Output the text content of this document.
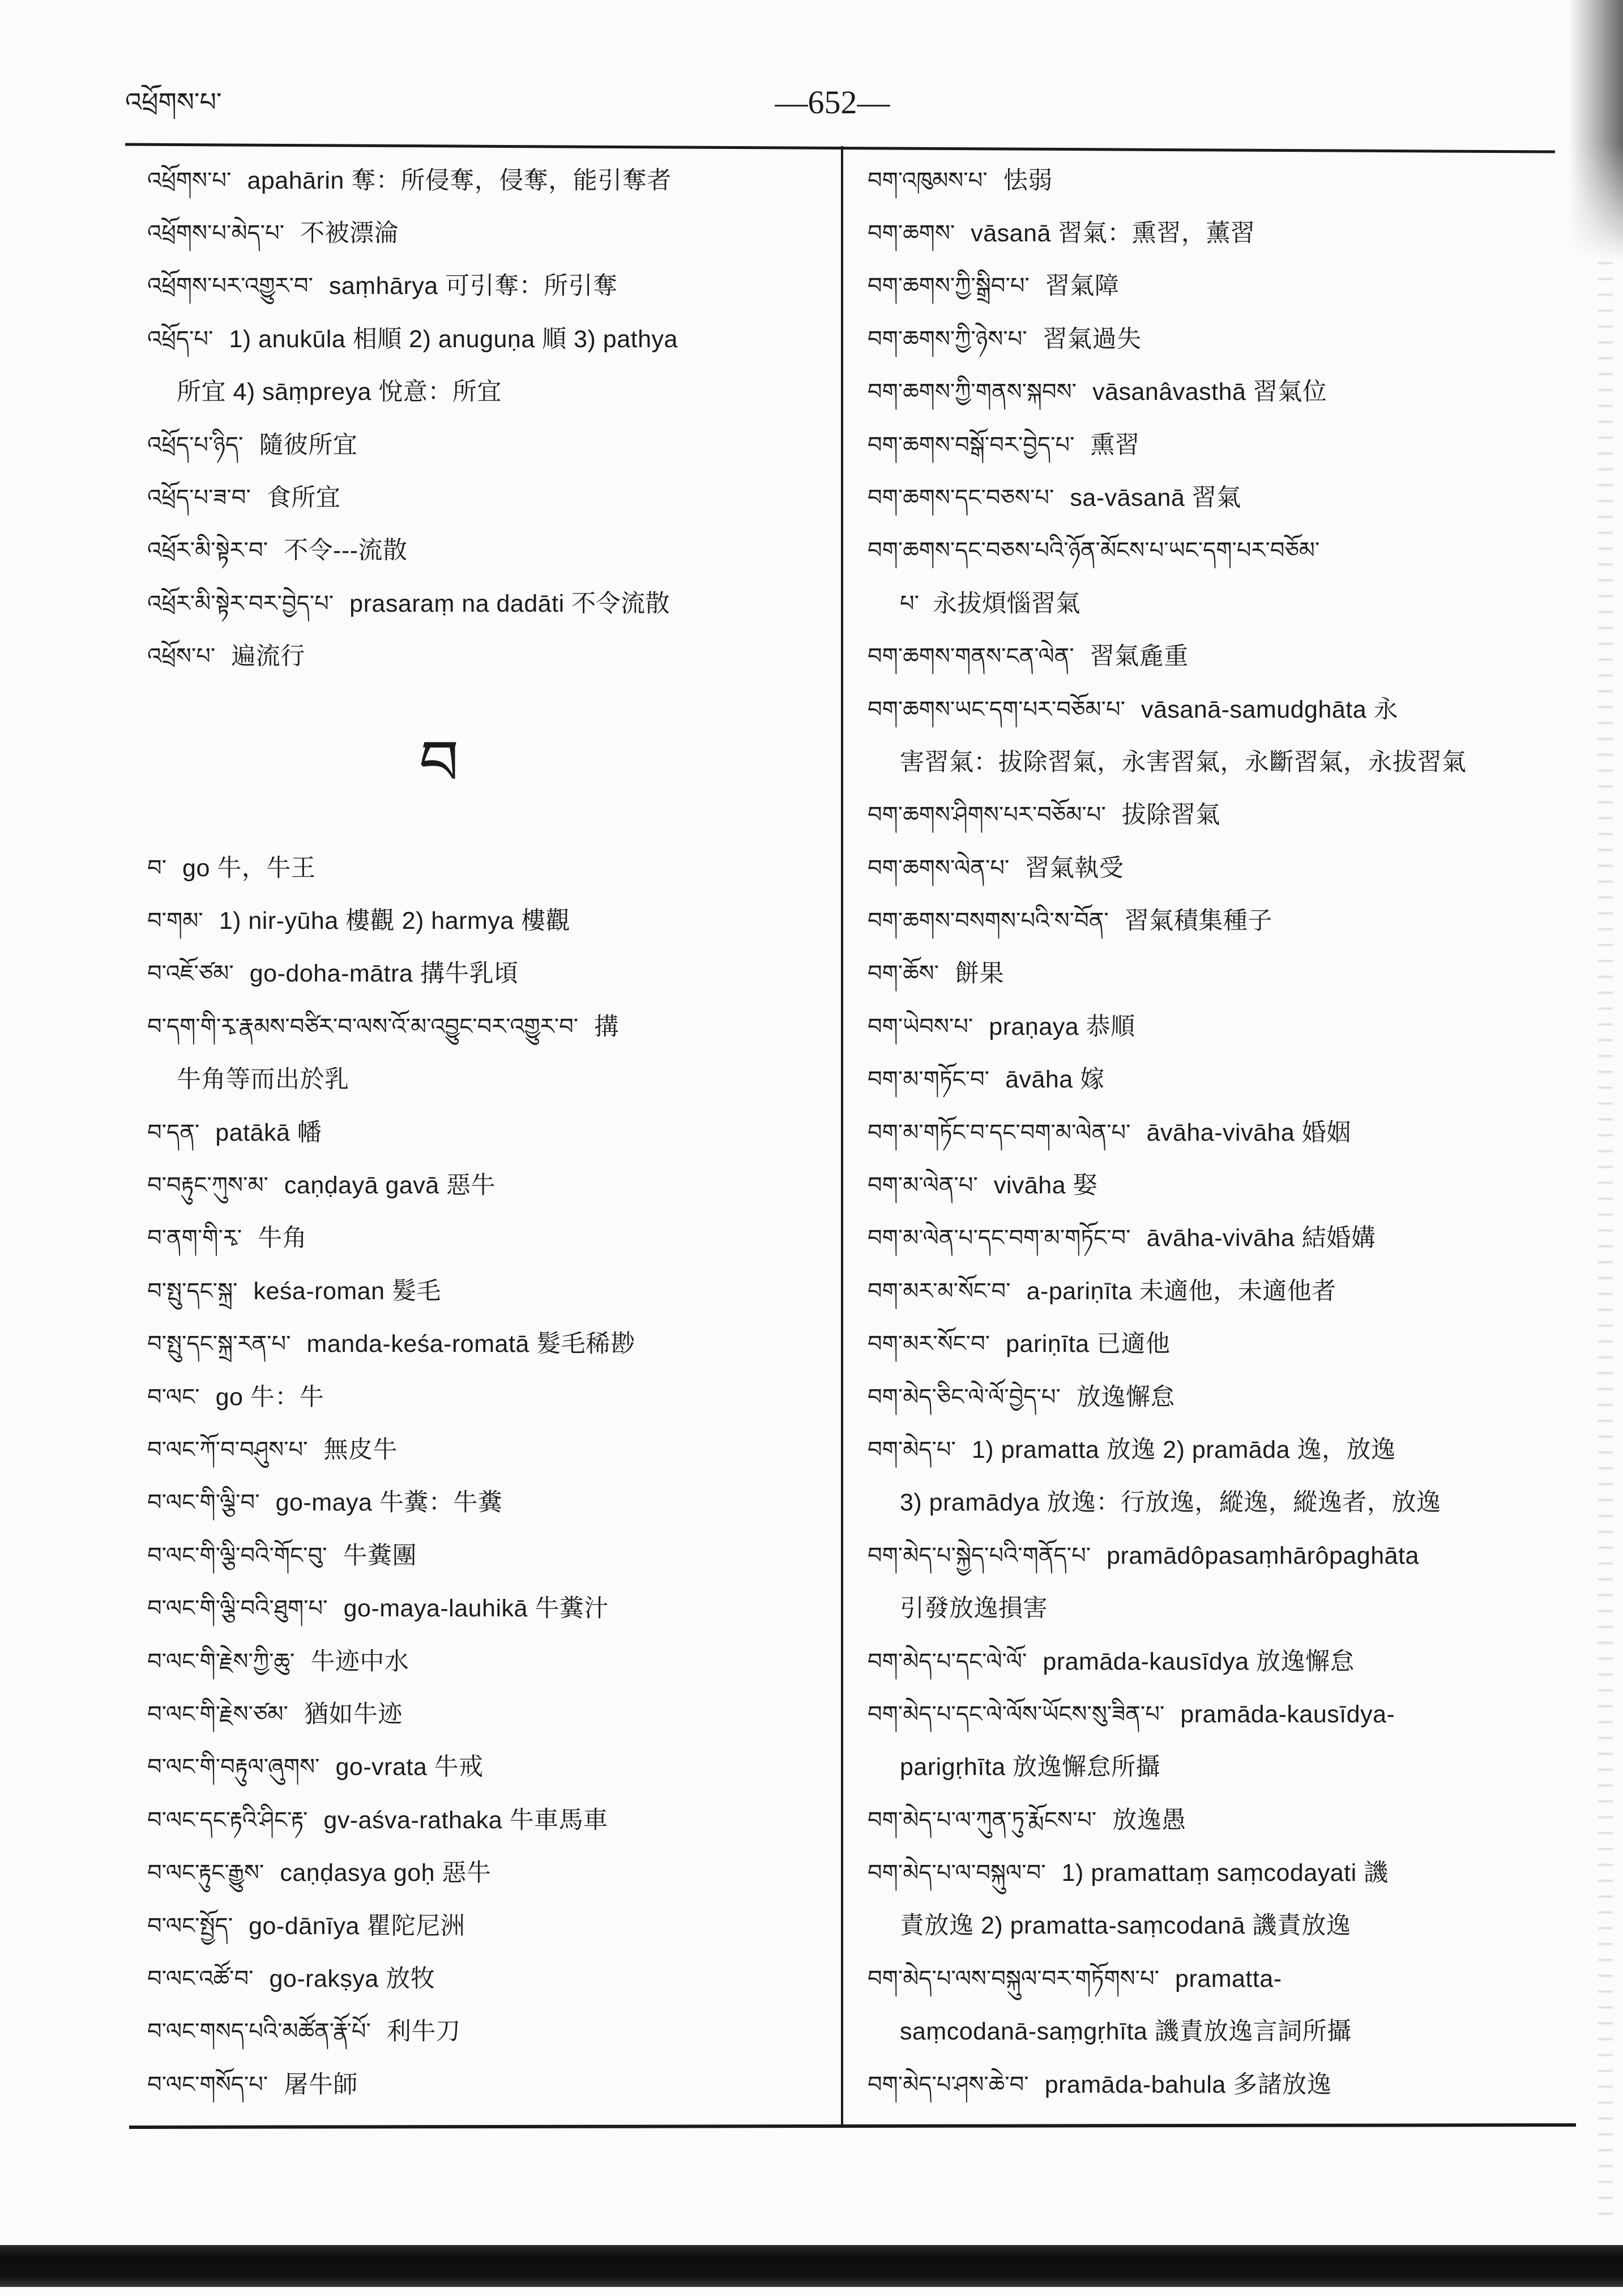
འཕྲོགས་པ་	—652—
འཕྲོགས་པ་ apahārin 奪：所侵奪，侵奪，能引奪者
འཕྲོགས་པ་མེད་པ་ 不被漂淪
འཕྲོགས་པར་འགྱུར་བ་ saṃhārya 可引奪：所引奪
འཕྲོད་པ་ 1) anukūla 相順 2) anuguṇa 順 3) pathya
所宜 4) sāṃpreya 悅意：所宜
འཕྲོད་པ་ཉིད་ 隨彼所宜
འཕྲོད་པ་ཟ་བ་ 食所宜
འཕྲོར་མི་སྟེར་བ་ 不令---流散
འཕྲོར་མི་སྟེར་བར་བྱེད་པ་ prasaraṃ na dadāti 不令流散
འཕྲོས་པ་ 遍流行
བ
བ་ go 牛，牛王
བ་གམ་ 1) nir-yūha 樓觀 2) harmya 樓觀
བ་འཇོ་ཙམ་ go-doha-mātra 搆牛乳頃
བ་དག་གི་རྭ་རྣམས་བཙིར་བ་ལས་འོ་མ་འབྱུང་བར་འགྱུར་བ་ 搆
牛角等而出於乳
བ་དན་ patākā 幡
བ་བརྟུང་ཀུས་མ་ caṇḍayā gavā 惡牛
བ་ནག་གི་རྭ་ 牛角
བ་སྤུ་དང་སྐྲ་ keśa-roman 髮毛
བ་སྤུ་དང་སྐྲ་རན་པ་ manda-keśa-romatā 髮毛稀尠
བ་ལང་ go 牛：牛
བ་ལང་ཀོ་བ་བཤུས་པ་ 無皮牛
བ་ལང་གི་ལྕི་བ་ go-maya 牛糞：牛糞
བ་ལང་གི་ལྕི་བའི་གོང་བུ་ 牛糞團
བ་ལང་གི་ལྕི་བའི་ཐུག་པ་ go-maya-lauhikā 牛糞汁
བ་ལང་གི་རྗེས་ཀྱི་ཆུ་ 牛迹中水
བ་ལང་གི་རྗེས་ཙམ་ 猶如牛迹
བ་ལང་གི་བརྟུལ་ཞུགས་ go-vrata 牛戒
བ་ལང་དང་རྟའི་ཤིང་རྟ་ gv-aśva-rathaka 牛車馬車
བ་ལང་རྟུང་རྒྱུས་ caṇḍasya goḥ 惡牛
བ་ལང་སྤྱོད་ go-dānīya 瞿陀尼洲
བ་ལང་འཚོ་བ་ go-rakṣya 放牧
བ་ལང་གསད་པའི་མཚོན་རྣོ་པོ་ 利牛刀
བ་ལང་གསོད་པ་ 屠牛師
བག་འཁུམས་པ་ 怯弱
བག་ཆགས་ vāsanā 習氣：熏習，薰習
བག་ཆགས་ཀྱི་སྒྲིབ་པ་ 習氣障
བག་ཆགས་ཀྱི་ཉེས་པ་ 習氣過失
བག་ཆགས་ཀྱི་གནས་སྐབས་ vāsanâvasthā 習氣位
བག་ཆགས་བསྒོ་བར་བྱེད་པ་ 熏習
བག་ཆགས་དང་བཅས་པ་ sa-vāsanā 習氣
བག་ཆགས་དང་བཅས་པའི་ཉོན་མོངས་པ་ཡང་དག་པར་བཅོམ་
པ་ 永拔煩惱習氣
བག་ཆགས་གནས་ངན་ལེན་ 習氣麁重
བག་ཆགས་ཡང་དག་པར་བཅོམ་པ་ vāsanā-samudghāta 永
害習氣：拔除習氣，永害習氣，永斷習氣，永拔習氣
བག་ཆགས་ཤིགས་པར་བཅོམ་པ་ 拔除習氣
བག་ཆགས་ལེན་པ་ 習氣執受
བག་ཆགས་བསགས་པའི་ས་བོན་ 習氣積集種子
བག་ཆོས་ 餅果
བག་ཡེབས་པ་ praṇaya 恭順
བག་མ་གཏོང་བ་ āvāha 嫁
བག་མ་གཏོང་བ་དང་བག་མ་ལེན་པ་ āvāha-vivāha 婚姻
བག་མ་ལེན་པ་ vivāha 娶
བག་མ་ལེན་པ་དང་བག་མ་གཏོང་བ་ āvāha-vivāha 結婚媾
བག་མར་མ་སོང་བ་ a-pariṇīta 未適他，未適他者
བག་མར་སོང་བ་ pariṇīta 已適他
བག་མེད་ཅིང་ལེ་ལོ་བྱེད་པ་ 放逸懈怠
བག་མེད་པ་ 1) pramatta 放逸 2) pramāda 逸，放逸
3) pramādya 放逸：行放逸，縱逸，縱逸者，放逸
བག་མེད་པ་སྐྱེད་པའི་གནོད་པ་ pramādôpasaṃhārôpaghāta
引發放逸損害
བག་མེད་པ་དང་ལེ་ལོ་ pramāda-kausīdya 放逸懈怠
བག་མེད་པ་དང་ལེ་ལོས་ཡོངས་སུ་ཟིན་པ་ pramāda-kausīdya-
parigṛhīta 放逸懈怠所攝
བག་མེད་པ་ལ་ཀུན་ཏུ་རྨོངས་པ་ 放逸愚
བག་མེད་པ་ལ་བསྐུལ་བ་ 1) pramattaṃ saṃcodayati 譏
責放逸 2) pramatta-saṃcodanā 譏責放逸
བག་མེད་པ་ལས་བསྐུལ་བར་གཏོགས་པ་ pramatta-
saṃcodanā-saṃgṛhīta 譏責放逸言詞所攝
བག་མེད་པ་ཤས་ཆེ་བ་ pramāda-bahula 多諸放逸
